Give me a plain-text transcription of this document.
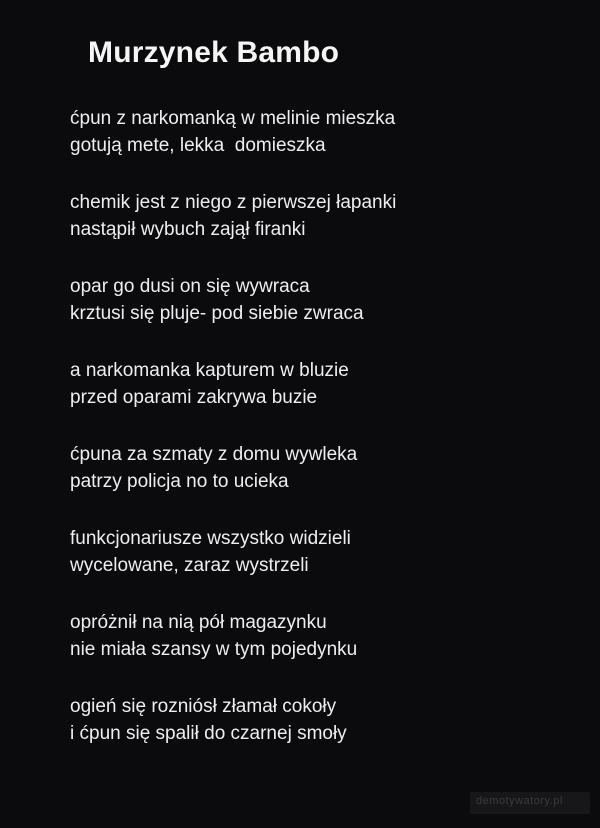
Murzynek Bambo
ćpun z narkomanką w melinie mieszka
gotują mete, lekka  domieszka
chemik jest z niego z pierwszej łapanki
nastąpił wybuch zajął firanki
opar go dusi on się wywraca
krztusi się pluje- pod siebie zwraca
a narkomanka kapturem w bluzie
przed oparami zakrywa buzie
ćpuna za szmaty z domu wywleka
patrzy policja no to ucieka
funkcjonariusze wszystko widzieli
wycelowane, zaraz wystrzeli
opróżnił na nią pół magazynku
nie miała szansy w tym pojedynku
ogień się rozniósł złamał cokoły
i ćpun się spalił do czarnej smoły
demotywatory.pl
